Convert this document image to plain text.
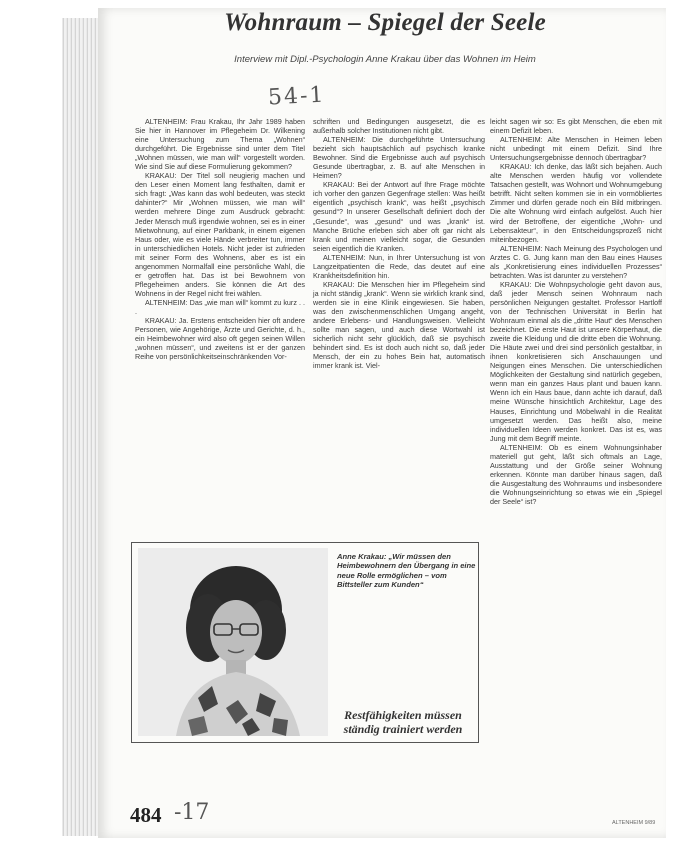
Wohnraum – Spiegel der Seele
Interview mit Dipl.-Psychologin Anne Krakau über das Wohnen im Heim
54-1

ALTENHEIM: Frau Krakau, Ihr Jahr 1989 haben Sie hier in Hannover im Pflegeheim Dr. Wilkening eine Untersuchung zum Thema „Wohnen“ durchgeführt. Die Ergebnisse sind unter dem Titel „Wohnen müssen, wie man will“ vorgestellt worden. Wie sind Sie auf diese Formulierung gekommen?

KRAKAU: Der Titel soll neugierig machen und den Leser einen Moment lang festhalten, damit er sich fragt: „Was kann das wohl bedeuten, was steckt dahinter?“ Mir „Wohnen müssen, wie man will“ werden mehrere Dinge zum Ausdruck gebracht: Jeder Mensch muß irgendwie wohnen, sei es in einer Mietwohnung, auf einer Parkbank, in einem eigenen Haus oder, wie es viele Hände verbreiter tun, immer in unterschiedlichen Hotels. Nicht jeder ist zufrieden mit seiner Form des Wohnens, aber es ist ein angenommen Normalfall eine persönliche Wahl, die er getroffen hat. Das ist bei Bewohnern von Pflegeheimen anders. Sie können die Art des Wohnens in der Regel nicht frei wählen.

ALTENHEIM: Das „wie man will“ kommt zu kurz . . .

KRAKAU: Ja. Erstens entscheiden hier oft andere Personen, wie Angehörige, Ärzte und Gerichte, d. h., ein Heimbewohner wird also oft gegen seinen Willen „wohnen müssen“, und zweitens ist er der ganzen Reihe von persönlichkeitseinschränkenden Vor-

schriften und Bedingungen ausgesetzt, die es außerhalb solcher Institutionen nicht gibt.

ALTENHEIM: Die durchgeführte Untersuchung bezieht sich hauptsächlich auf psychisch kranke Bewohner. Sind die Ergebnisse auch auf psychisch Gesunde übertragbar, z. B. auf alte Menschen in Heimen?

KRAKAU: Bei der Antwort auf Ihre Frage möchte ich vorher den ganzen Gegenfrage stellen: Was heißt eigentlich „psychisch krank“, was heißt „psychisch gesund“? In unserer Gesellschaft definiert doch der „Gesunde“, was „gesund“ und was „krank“ ist. Manche Brüche erleben sich aber oft gar nicht als krank und meinen vielleicht sogar, die Gesunden seien eigentlich die Kranken.

ALTENHEIM: Nun, in Ihrer Untersuchung ist von Langzeitpatienten die Rede, das deutet auf eine Krankheitsdefinition hin.

KRAKAU: Die Menschen hier im Pflegeheim sind ja nicht ständig „krank“. Wenn sie wirklich krank sind, werden sie in eine Klinik eingewiesen. Sie haben, was den zwischenmenschlichen Umgang angeht, andere Erlebens- und Handlungsweisen. Vielleicht sollte man sagen, und auch diese Wortwahl ist sicherlich nicht sehr glücklich, daß sie psychisch behindert sind. Es ist doch auch nicht so, daß jeder Mensch, der ein zu hohes Bein hat, automatisch immer krank ist. Viel-

leicht sagen wir so: Es gibt Menschen, die eben mit einem Defizit leben.

ALTENHEIM: Alte Menschen in Heimen leben nicht unbedingt mit einem Defizit. Sind Ihre Untersuchungsergebnisse dennoch übertragbar?

KRAKAU: Ich denke, das läßt sich bejahen. Auch alte Menschen werden häufig vor vollendete Tatsachen gestellt, was Wohnort und Wohnumgebung betrifft. Nicht selten kommen sie in ein vormöbliertes Zimmer und dürfen gerade noch ein Bild mitbringen. Die alte Wohnung wird einfach aufgelöst. Auch hier wird der Betroffene, der eigentliche „Wohn- und Lebensakteur“, in den Entscheidungsprozeß nicht miteinbezogen.

ALTENHEIM: Nach Meinung des Psychologen und Arztes C. G. Jung kann man den Bau eines Hauses als „Konkretisierung eines individuellen Prozesses“ betrachten. Was ist darunter zu verstehen?

KRAKAU: Die Wohnpsychologie geht davon aus, daß jeder Mensch seinen Wohnraum nach persönlichen Neigungen gestaltet. Professor Hartloff von der Technischen Universität in Berlin hat Wohnraum einmal als die „dritte Haut“ des Menschen bezeichnet. Die erste Haut ist unsere Körperhaut, die zweite die Kleidung und die dritte eben die Wohnung. Die Häute zwei und drei sind persönlich gestaltbar, in ihnen konkretisieren sich Anschauungen und Neigungen eines Menschen. Die unterschiedlichen Möglichkeiten der Gestaltung sind natürlich gegeben, wenn man ein ganzes Haus plant und bauen kann. Wenn ich ein Haus baue, dann achte ich darauf, daß meine Wünsche hinsichtlich Architektur, Lage des Hauses, Einrichtung und Möbelwahl in die Realität umgesetzt werden. Das heißt also, meine individuellen Ideen werden konkret. Das ist es, was Jung mit dem Begriff meinte.

ALTENHEIM: Ob es einem Wohnungsinhaber materiell gut geht, läßt sich oftmals an Lage, Ausstattung und der Größe seiner Wohnung erkennen. Könnte man darüber hinaus sagen, daß die Ausgestaltung des Wohnraums und insbesondere die Wohnungseinrichtung so etwas wie ein „Spiegel der Seele“ ist?

Anne Krakau: „Wir müssen den Heimbewohnern den Übergang in eine neue Rolle ermöglichen – vom Bittsteller zum Kunden“
Restfähigkeiten müssen ständig trainiert werden
484 -17	ALTENHEIM 9/89
